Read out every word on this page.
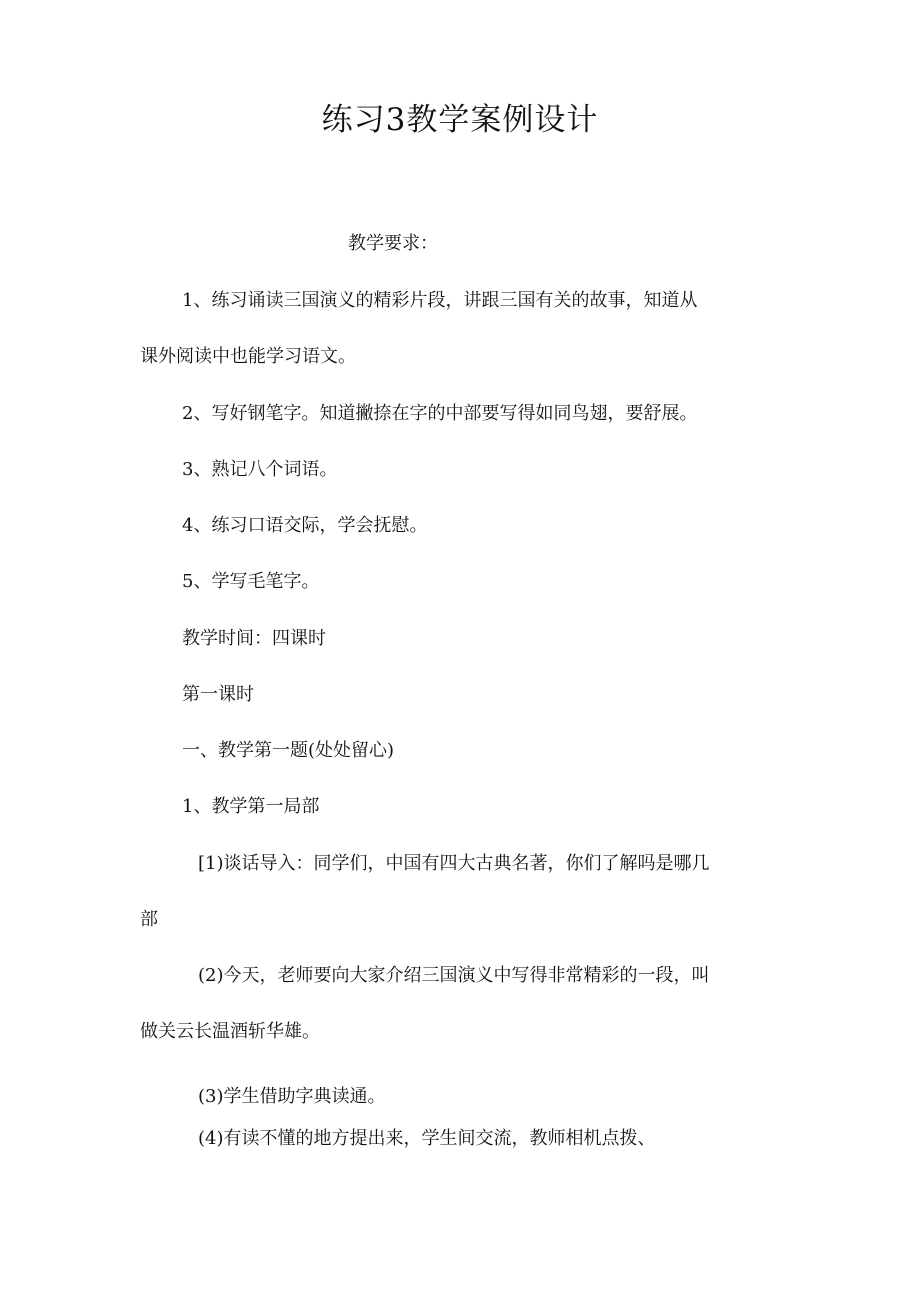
练习3教学案例设计

教学要求：

1、练习诵读三国演义的精彩片段，讲跟三国有关的故事，知道从

课外阅读中也能学习语文。

2、写好钢笔字。知道撇捺在字的中部要写得如同鸟翅，要舒展。

3、熟记八个词语。

4、练习口语交际，学会抚慰。

5、学写毛笔字。

教学时间：四课时

第一课时

一、教学第一题(处处留心)

1、教学第一局部

[1)谈话导入：同学们，中国有四大古典名著，你们了解吗是哪几

部

(2)今天，老师要向大家介绍三国演义中写得非常精彩的一段，叫

做关云长温酒斩华雄。

(3)学生借助字典读通。

(4)有读不懂的地方提出来，学生间交流，教师相机点拨、
